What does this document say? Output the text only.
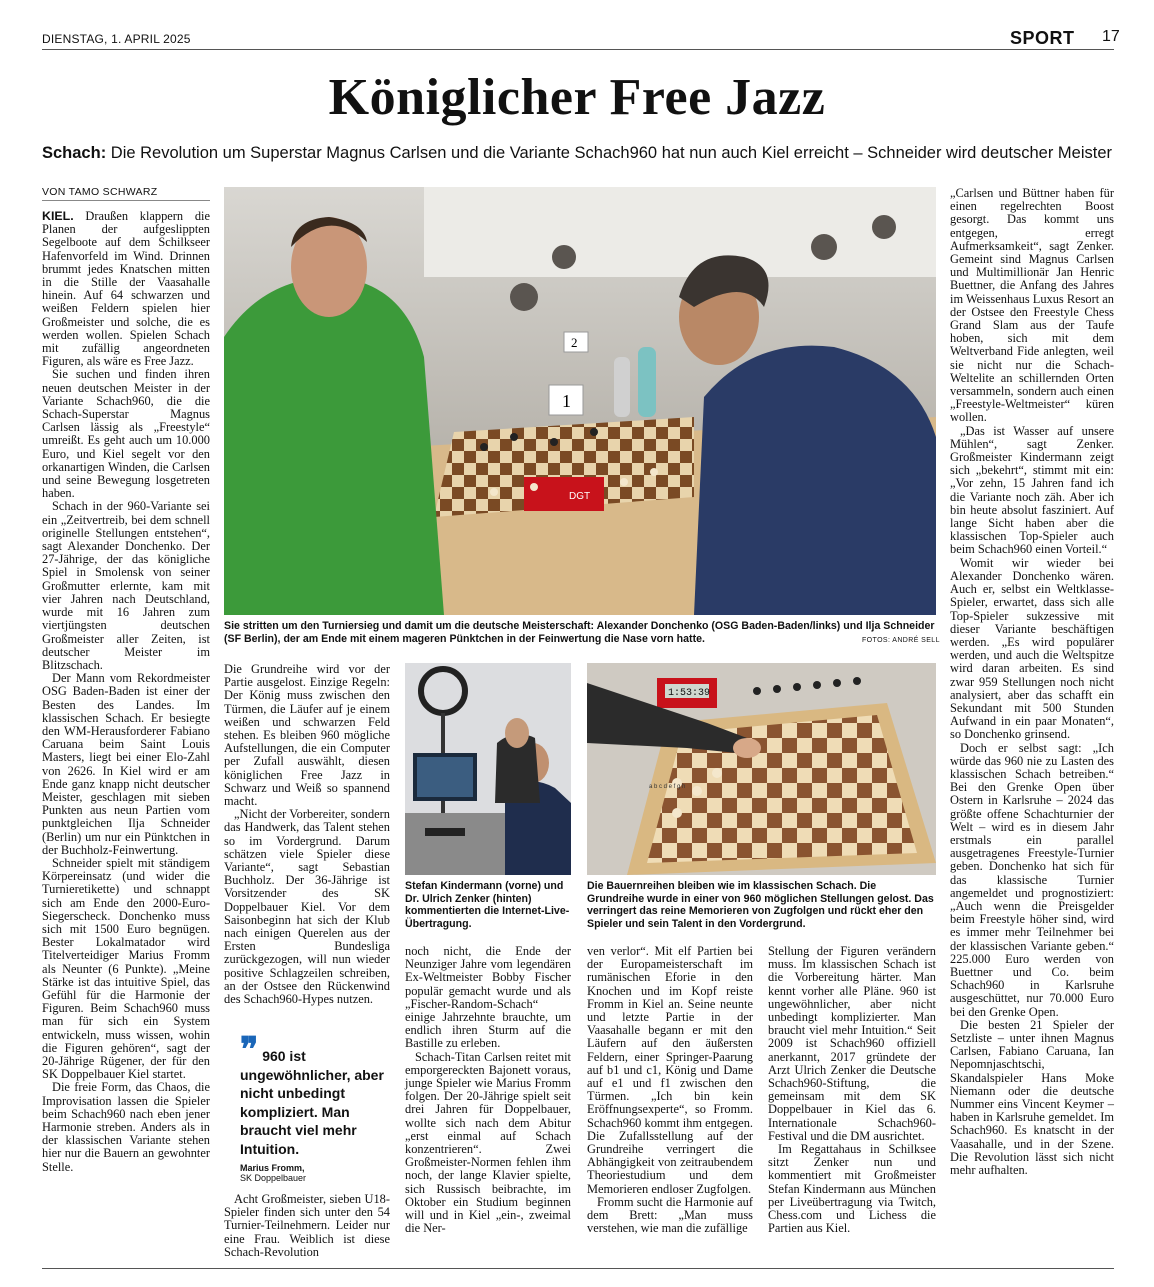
DIENSTAG, 1. APRIL 2025	SPORT 17
Königlicher Free Jazz
Schach: Die Revolution um Superstar Magnus Carlsen und die Variante Schach960 hat nun auch Kiel erreicht – Schneider wird deutscher Meister
VON TAMO SCHWARZ

KIEL. Draußen klappern die Planen der aufgeslippten Segelboote auf dem Schilkseer Hafenvorfeld im Wind. Drinnen brummt jedes Knatschen mitten in die Stille der Vaasahalle hinein. Auf 64 schwarzen und weißen Feldern spielen hier Großmeister und solche, die es werden wollen. Spielen Schach mit zufällig angeordneten Figuren, als wäre es Free Jazz.

Sie suchen und finden ihren neuen deutschen Meister in der Variante Schach960, die die Schach-Superstar Magnus Carlsen lässig als „Freestyle“ umreißt. Es geht auch um 10.000 Euro, und Kiel segelt vor den orkanartigen Winden, die Carlsen und seine Bewegung losgetreten haben.

Schach in der 960-Variante sei ein „Zeitvertreib, bei dem schnell originelle Stellungen entstehen“, sagt Alexander Donchenko. Der 27-Jährige, der das königliche Spiel in Smolensk von seiner Großmutter erlernte, kam mit vier Jahren nach Deutschland, wurde mit 16 Jahren zum viertjüngsten deutschen Großmeister aller Zeiten, ist deutscher Meister im Blitzschach.

Der Mann vom Rekordmeister OSG Baden-Baden ist einer der Besten des Landes. Im klassischen Schach. Er besiegte den WM-Herausforderer Fabiano Caruana beim Saint Louis Masters, liegt bei einer Elo-Zahl von 2626. In Kiel wird er am Ende ganz knapp nicht deutscher Meister, geschlagen mit sieben Punkten aus neun Partien vom punktgleichen Ilja Schneider (Berlin) um nur ein Pünktchen in der Buchholz-Feinwertung.

Schneider spielt mit ständigem Körpereinsatz (und wider die Turnieretikette) und schnappt sich am Ende den 2000-Euro-Siegerscheck. Donchenko muss sich mit 1500 Euro begnügen. Bester Lokalmatador wird Titelverteidiger Marius Fromm als Neunter (6 Punkte). „Meine Stärke ist das intuitive Spiel, das Gefühl für die Harmonie der Figuren. Beim Schach960 muss man für sich ein System entwickeln, muss wissen, wohin die Figuren gehören“, sagt der 20-Jährige Rügener, der für den SK Doppelbauer Kiel startet.

Die freie Form, das Chaos, die Improvisation lassen die Spieler beim Schach960 nach eben jener Harmonie streben. Anders als in der klassischen Variante stehen hier nur die Bauern an gewohnter Stelle.

DGT
1
2
Sie stritten um den Turniersieg und damit um die deutsche Meisterschaft: Alexander Donchenko (OSG Baden-Baden/links) und Ilja Schneider (SF Berlin), der am Ende mit einem mageren Pünktchen in der Feinwertung die Nase vorn hatte.	FOTOS: ANDRÉ SELL

Die Grundreihe wird vor der Partie ausgelost. Einzige Regeln: Der König muss zwischen den Türmen, die Läufer auf je einem weißen und schwarzen Feld stehen. Es bleiben 960 mögliche Aufstellungen, die ein Computer per Zufall auswählt, diesen königlichen Free Jazz in Schwarz und Weiß so spannend macht.

„Nicht der Vorbereiter, sondern das Handwerk, das Talent stehen so im Vordergrund. Darum schätzen viele Spieler diese Variante“, sagt Sebastian Buchholz. Der 36-Jährige ist Vorsitzender des SK Doppelbauer Kiel. Vor dem Saisonbeginn hat sich der Klub nach einigen Querelen aus der Ersten Bundesliga zurückgezogen, will nun wieder positive Schlagzeilen schreiben, an der Ostsee den Rückenwind des Schach960-Hypes nutzen.

❞ 960 ist ungewöhnlicher, aber nicht unbedingt kompliziert. Man braucht viel mehr Intuition.
Marius Fromm,
SK Doppelbauer

Acht Großmeister, sieben U18-Spieler finden sich unter den 54 Turnier-Teilnehmern. Leider nur eine Frau. Weiblich ist diese Schach-Revolution

Stefan Kindermann (vorne) und Dr. Ulrich Zenker (hinten) kommentierten die Internet-Live-Übertragung.
1:53:39
a b c d e f g h
Die Bauernreihen bleiben wie im klassischen Schach. Die Grundreihe wurde in einer von 960 möglichen Stellungen gelost. Das verringert das reine Memorieren von Zugfolgen und rückt eher den Spieler und sein Talent in den Vordergrund.

noch nicht, die Ende der Neunziger Jahre vom legendären Ex-Weltmeister Bobby Fischer populär gemacht wurde und als „Fischer-Random-Schach“ einige Jahrzehnte brauchte, um endlich ihren Sturm auf die Bastille zu erleben.

Schach-Titan Carlsen reitet mit emporgereckten Bajonett voraus, junge Spieler wie Marius Fromm folgen. Der 20-Jährige spielt seit drei Jahren für Doppelbauer, wollte sich nach dem Abitur „erst einmal auf Schach konzentrieren“. Zwei Großmeister-Normen fehlen ihm noch, der lange Klavier spielte, sich Russisch beibrachte, im Oktober ein Studium beginnen will und in Kiel „ein-, zweimal die Ner-

ven verlor“. Mit elf Partien bei der Europameisterschaft im rumänischen Eforie in den Knochen und im Kopf reiste Fromm in Kiel an. Seine neunte und letzte Partie in der Vaasahalle begann er mit den Läufern auf den äußersten Feldern, einer Springer-Paarung auf b1 und c1, König und Dame auf e1 und f1 zwischen den Türmen. „Ich bin kein Eröffnungsexperte“, so Fromm. Schach960 kommt ihm entgegen. Die Zufallsstellung auf der Grundreihe verringert die Abhängigkeit von zeitraubendem Theoriestudium und dem Memorieren endloser Zugfolgen.

Fromm sucht die Harmonie auf dem Brett: „Man muss verstehen, wie man die zufällige

Stellung der Figuren verändern muss. Im klassischen Schach ist die Vorbereitung härter. Man kennt vorher alle Pläne. 960 ist ungewöhnlicher, aber nicht unbedingt komplizierter. Man braucht viel mehr Intuition.“ Seit 2009 ist Schach960 offiziell anerkannt, 2017 gründete der Arzt Ulrich Zenker die Deutsche Schach960-Stiftung, die gemeinsam mit dem SK Doppelbauer in Kiel das 6. Internationale Schach960-Festival und die DM ausrichtet.

Im Regattahaus in Schilksee sitzt Zenker nun und kommentiert mit Großmeister Stefan Kindermann aus München per Liveübertragung via Twitch, Chess.com und Lichess die Partien aus Kiel.

„Carlsen und Büttner haben für einen regelrechten Boost gesorgt. Das kommt uns entgegen, erregt Aufmerksamkeit“, sagt Zenker. Gemeint sind Magnus Carlsen und Multimillionär Jan Henric Buettner, die Anfang des Jahres im Weissenhaus Luxus Resort an der Ostsee den Freestyle Chess Grand Slam aus der Taufe hoben, sich mit dem Weltverband Fide anlegten, weil sie nicht nur die Schach-Weltelite an schillernden Orten versammeln, sondern auch einen „Freestyle-Weltmeister“ küren wollen.

„Das ist Wasser auf unsere Mühlen“, sagt Zenker. Großmeister Kindermann zeigt sich „bekehrt“, stimmt mit ein: „Vor zehn, 15 Jahren fand ich die Variante noch zäh. Aber ich bin heute absolut fasziniert. Auf lange Sicht haben aber die klassischen Top-Spieler auch beim Schach960 einen Vorteil.“

Womit wir wieder bei Alexander Donchenko wären. Auch er, selbst ein Weltklasse-Spieler, erwartet, dass sich alle Top-Spieler sukzessive mit dieser Variante beschäftigen werden. „Es wird populärer werden, und auch die Weltspitze wird daran arbeiten. Es sind zwar 959 Stellungen noch nicht analysiert, aber das schafft ein Sekundant mit 500 Stunden Aufwand in ein paar Monaten“, so Donchenko grinsend.

Doch er selbst sagt: „Ich würde das 960 nie zu Lasten des klassischen Schach betreiben.“ Bei den Grenke Open über Ostern in Karlsruhe – 2024 das größte offene Schachturnier der Welt – wird es in diesem Jahr erstmals ein parallel ausgetragenes Freestyle-Turnier geben. Donchenko hat sich für das klassische Turnier angemeldet und prognostiziert: „Auch wenn die Preisgelder beim Freestyle höher sind, wird es immer mehr Teilnehmer bei der klassischen Variante geben.“ 225.000 Euro werden von Buettner und Co. beim Schach960 in Karlsruhe ausgeschüttet, nur 70.000 Euro bei den Grenke Open.

Die besten 21 Spieler der Setzliste – unter ihnen Magnus Carlsen, Fabiano Caruana, Ian Nepomnjaschtschi, Skandalspieler Hans Moke Niemann oder die deutsche Nummer eins Vincent Keymer – haben in Karlsruhe gemeldet. Im Schach960. Es knatscht in der Vaasahalle, und in der Szene. Die Revolution lässt sich nicht mehr aufhalten.
